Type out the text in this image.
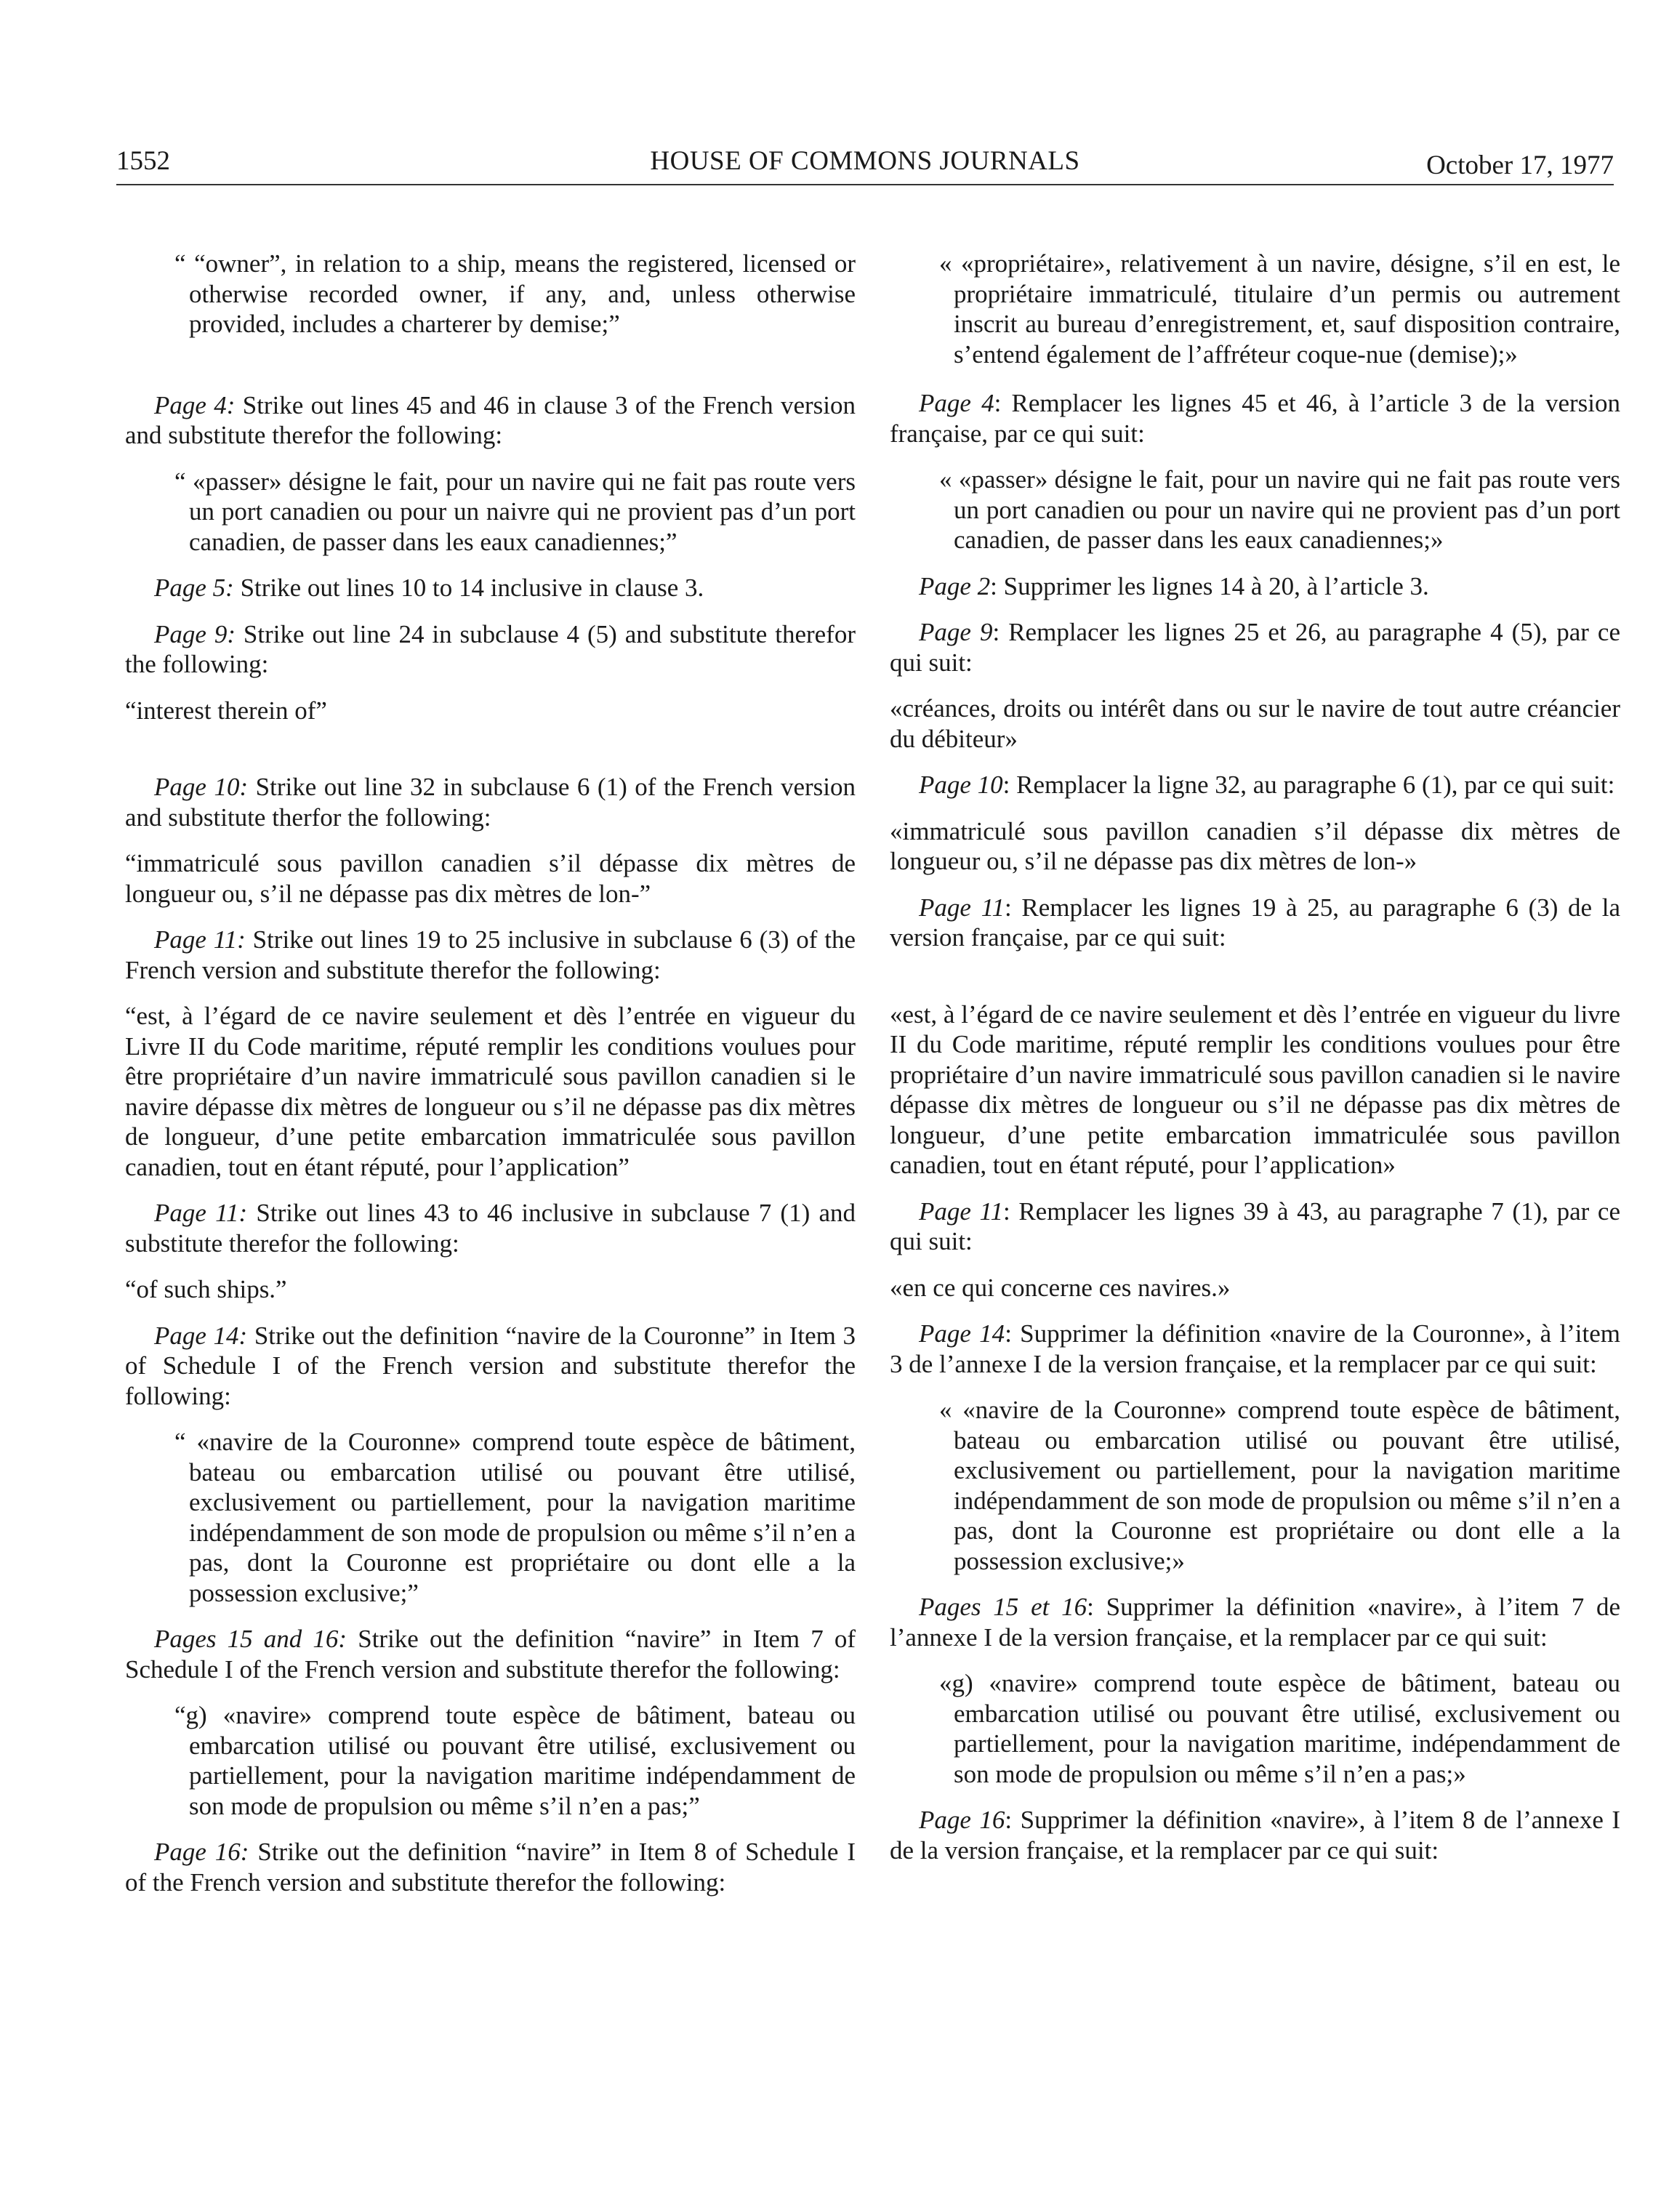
1552	HOUSE OF COMMONS JOURNALS	October 17, 1977

“ “owner”, in relation to a ship, means the registered, licensed or otherwise recorded owner, if any, and, unless otherwise provided, includes a charterer by demise;”

Page 4: Strike out lines 45 and 46 in clause 3 of the French version and substitute therefor the following:

“ «passer» désigne le fait, pour un navire qui ne fait pas route vers un port canadien ou pour un naivre qui ne provient pas d’un port canadien, de passer dans les eaux canadiennes;”

Page 5: Strike out lines 10 to 14 inclusive in clause 3.

Page 9: Strike out line 24 in subclause 4 (5) and substitute therefor the following:

“interest therein of”

Page 10: Strike out line 32 in subclause 6 (1) of the French version and substitute therfor the following:

“immatriculé sous pavillon canadien s’il dépasse dix mètres de longueur ou, s’il ne dépasse pas dix mètres de lon-”

Page 11: Strike out lines 19 to 25 inclusive in subclause 6 (3) of the French version and substitute therefor the following:

“est, à l’égard de ce navire seulement et dès l’entrée en vigueur du Livre II du Code maritime, réputé remplir les conditions voulues pour être propriétaire d’un navire immatriculé sous pavillon canadien si le navire dépasse dix mètres de longueur ou s’il ne dépasse pas dix mètres de longueur, d’une petite embarcation immatriculée sous pavillon canadien, tout en étant réputé, pour l’application”

Page 11: Strike out lines 43 to 46 inclusive in subclause 7 (1) and substitute therefor the following:

“of such ships.”

Page 14: Strike out the definition “navire de la Couronne” in Item 3 of Schedule I of the French version and substitute therefor the following:

“ «navire de la Couronne» comprend toute espèce de bâtiment, bateau ou embarcation utilisé ou pouvant être utilisé, exclusivement ou partiellement, pour la navigation maritime indépendamment de son mode de propulsion ou même s’il n’en a pas, dont la Couronne est propriétaire ou dont elle a la possession exclusive;”

Pages 15 and 16: Strike out the definition “navire” in Item 7 of Schedule I of the French version and substitute therefor the following:

“g) «navire» comprend toute espèce de bâtiment, bateau ou embarcation utilisé ou pouvant être utilisé, exclusivement ou partiellement, pour la navigation maritime indépendamment de son mode de propulsion ou même s’il n’en a pas;”

Page 16: Strike out the definition “navire” in Item 8 of Schedule I of the French version and substitute therefor the following:

« «propriétaire», relativement à un navire, désigne, s’il en est, le propriétaire immatriculé, titulaire d’un permis ou autrement inscrit au bureau d’enregistrement, et, sauf disposition contraire, s’entend également de l’affréteur coque-nue (demise);»

Page 4: Remplacer les lignes 45 et 46, à l’article 3 de la version française, par ce qui suit:

« «passer» désigne le fait, pour un navire qui ne fait pas route vers un port canadien ou pour un navire qui ne provient pas d’un port canadien, de passer dans les eaux canadiennes;»

Page 2: Supprimer les lignes 14 à 20, à l’article 3.

Page 9: Remplacer les lignes 25 et 26, au paragraphe 4 (5), par ce qui suit:

«créances, droits ou intérêt dans ou sur le navire de tout autre créancier du débiteur»

Page 10: Remplacer la ligne 32, au paragraphe 6 (1), par ce qui suit:

«immatriculé sous pavillon canadien s’il dépasse dix mètres de longueur ou, s’il ne dépasse pas dix mètres de lon-»

Page 11: Remplacer les lignes 19 à 25, au paragraphe 6 (3) de la version française, par ce qui suit:

«est, à l’égard de ce navire seulement et dès l’entrée en vigueur du livre II du Code maritime, réputé remplir les conditions voulues pour être propriétaire d’un navire immatriculé sous pavillon canadien si le navire dépasse dix mètres de longueur ou s’il ne dépasse pas dix mètres de longueur, d’une petite embarcation immatriculée sous pavillon canadien, tout en étant réputé, pour l’application»

Page 11: Remplacer les lignes 39 à 43, au paragraphe 7 (1), par ce qui suit:

«en ce qui concerne ces navires.»

Page 14: Supprimer la définition «navire de la Couronne», à l’item 3 de l’annexe I de la version française, et la remplacer par ce qui suit:

« «navire de la Couronne» comprend toute espèce de bâtiment, bateau ou embarcation utilisé ou pouvant être utilisé, exclusivement ou partiellement, pour la navigation maritime indépendamment de son mode de propulsion ou même s’il n’en a pas, dont la Couronne est propriétaire ou dont elle a la possession exclusive;»

Pages 15 et 16: Supprimer la définition «navire», à l’item 7 de l’annexe I de la version française, et la remplacer par ce qui suit:

«g) «navire» comprend toute espèce de bâtiment, bateau ou embarcation utilisé ou pouvant être utilisé, exclusivement ou partiellement, pour la navigation maritime, indépendamment de son mode de propulsion ou même s’il n’en a pas;»

Page 16: Supprimer la définition «navire», à l’item 8 de l’annexe I de la version française, et la remplacer par ce qui suit:
